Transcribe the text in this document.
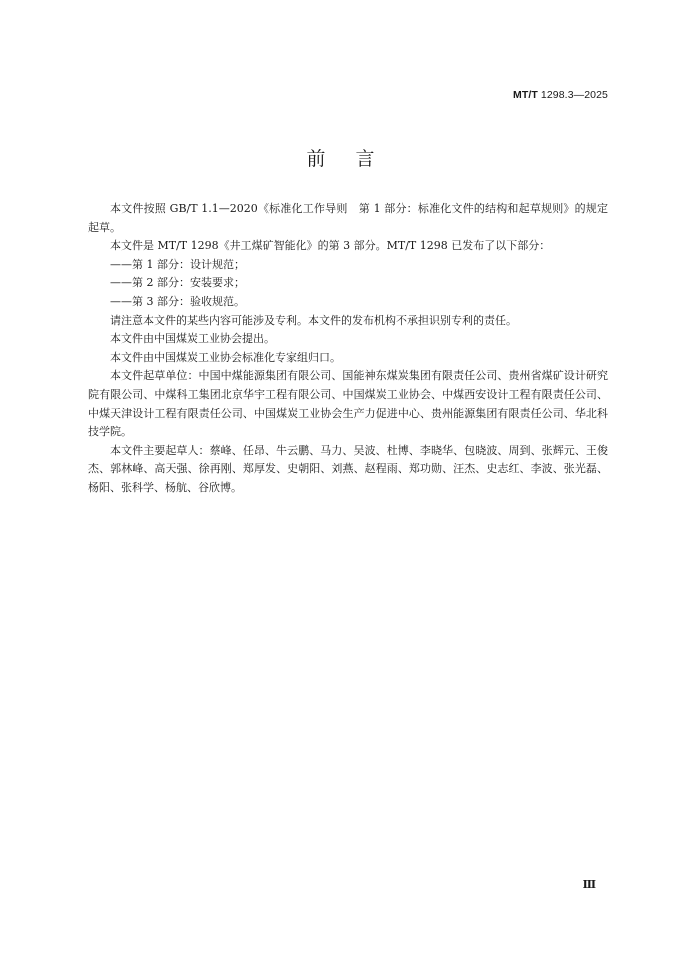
MT/T 1298.3—2025
前言

本文件按照 GB/T 1.1—2020《标准化工作导则　第 1 部分：标准化文件的结构和起草规则》的规定起草。

本文件是 MT/T 1298《井工煤矿智能化》的第 3 部分。MT/T 1298 已发布了以下部分：

——第 1 部分：设计规范；

——第 2 部分：安装要求；

——第 3 部分：验收规范。

请注意本文件的某些内容可能涉及专利。本文件的发布机构不承担识别专利的责任。

本文件由中国煤炭工业协会提出。

本文件由中国煤炭工业协会标准化专家组归口。

本文件起草单位：中国中煤能源集团有限公司、国能神东煤炭集团有限责任公司、贵州省煤矿设计研究院有限公司、中煤科工集团北京华宇工程有限公司、中国煤炭工业协会、中煤西安设计工程有限责任公司、中煤天津设计工程有限责任公司、中国煤炭工业协会生产力促进中心、贵州能源集团有限责任公司、华北科技学院。

本文件主要起草人：蔡峰、任昂、牛云鹏、马力、吴波、杜博、李晓华、包晓波、周到、张辉元、王俊杰、郭林峰、高天强、徐再刚、郑厚发、史朝阳、刘燕、赵程雨、郑功勋、汪杰、史志红、李波、张光磊、杨阳、张科学、杨航、谷欣博。

Ⅲ
